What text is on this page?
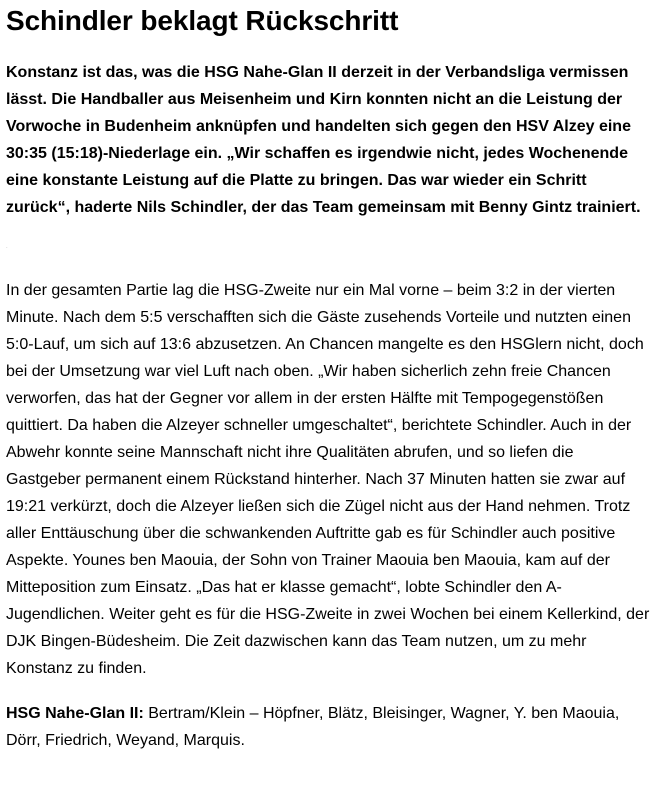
Schindler beklagt Rückschritt

Konstanz ist das, was die HSG Nahe-Glan II derzeit in der Verbandsliga vermissen lässt. Die Handballer aus Meisenheim und Kirn konnten nicht an die Leistung der Vorwoche in Budenheim anknüpfen und handelten sich gegen den HSV Alzey eine 30:35 (15:18)-Niederlage ein. „Wir schaffen es irgendwie nicht, jedes Wochenende eine konstante Leistung auf die Platte zu bringen. Das war wieder ein Schritt zurück“, haderte Nils Schindler, der das Team gemeinsam mit Benny Gintz trainiert.

.

In der gesamten Partie lag die HSG-Zweite nur ein Mal vorne – beim 3:2 in der vierten Minute. Nach dem 5:5 verschafften sich die Gäste zusehends Vorteile und nutzten einen 5:0-Lauf, um sich auf 13:6 abzusetzen. An Chancen mangelte es den HSGlern nicht, doch bei der Umsetzung war viel Luft nach oben. „Wir haben sicherlich zehn freie Chancen verworfen, das hat der Gegner vor allem in der ersten Hälfte mit Tempogegenstößen quittiert. Da haben die Alzeyer schneller umgeschaltet“, berichtete Schindler. Auch in der Abwehr konnte seine Mannschaft nicht ihre Qualitäten abrufen, und so liefen die Gastgeber permanent einem Rückstand hinterher. Nach 37 Minuten hatten sie zwar auf 19:21 verkürzt, doch die Alzeyer ließen sich die Zügel nicht aus der Hand nehmen. Trotz aller Enttäuschung über die schwankenden Auftritte gab es für Schindler auch positive Aspekte. Younes ben Maouia, der Sohn von Trainer Maouia ben Maouia, kam auf der Mitteposition zum Einsatz. „Das hat er klasse gemacht“, lobte Schindler den A-Jugendlichen. Weiter geht es für die HSG-Zweite in zwei Wochen bei einem Kellerkind, der DJK Bingen-Büdesheim. Die Zeit dazwischen kann das Team nutzen, um zu mehr Konstanz zu finden.

HSG Nahe-Glan II: Bertram/Klein – Höpfner, Blätz, Bleisinger, Wagner, Y. ben Maouia, Dörr, Friedrich, Weyand, Marquis.
